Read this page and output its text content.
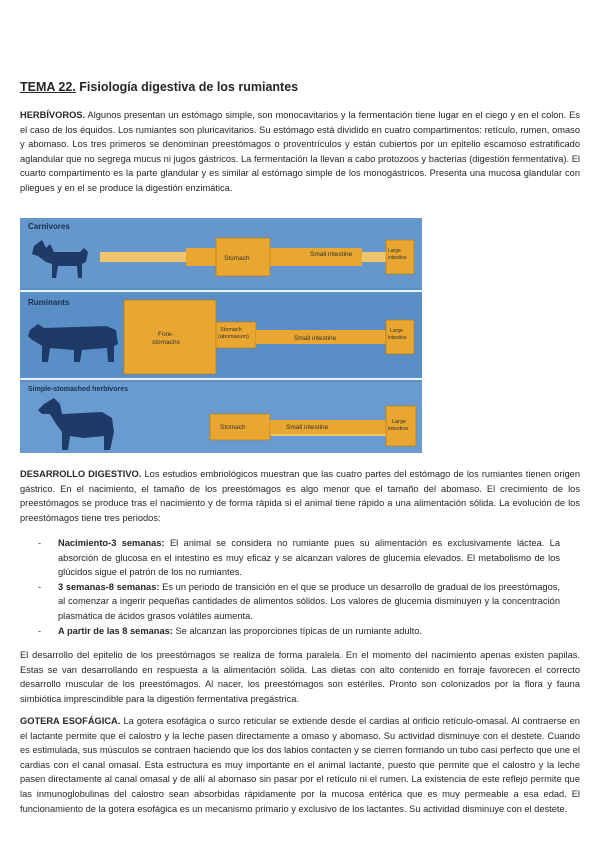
TEMA 22. Fisiología digestiva de los rumiantes

HERBÍVOROS. Algunos presentan un estómago simple, son monocavitarios y la fermentación tiene lugar en el ciego y en el colon. Es el caso de los équidos. Los rumiantes son pluricavitarios. Su estómago está dividido en cuatro compartimentos: retículo, rumen, omaso y abomaso. Los tres primeros se denominan preestómagos o proventrículos y están cubiertos por un epitelio escamoso estratificado aglandular que no segrega mucus ni jugos gástricos. La fermentación la llevan a cabo protozoos y bacterias (digestión fermentativa). El cuarto compartimento es la parte glandular y es similar al estómago simple de los monogástricos. Presenta una mucosa glandular con pliegues y en el se produce la digestión enzimática.

Carnivores
Stomach
Small intestine	Large intestine
Ruminants
Fore-stomachs
Stomach (abomasum)	Small intestine
Large intestine
Simple-stomached herbivores
Stomach	Small intestine
Large intestine

DESARROLLO DIGESTIVO. Los estudios embriológicos muestran que las cuatro partes del estómago de los rumiantes tienen origen gástrico. En el nacimiento, el tamaño de los preestómagos es algo menor que el tamaño del abomaso. El crecimiento de los preestómagos se produce tras el nacimiento y de forma rápida si el animal tiene rápido a una alimentación sólida. La evolución de los preestómagos tiene tres periodos:

- Nacimiento-3 semanas: El animal se considera no rumiante pues su alimentación es exclusivamente láctea. La absorción de glucosa en el intestino es muy eficaz y se alcanzan valores de glucemia elevados. El metabolismo de los glúcidos sigue el patrón de los no rumiantes.
- 3 semanas-8 semanas: Es un periodo de transición en el que se produce un desarrollo de gradual de los preestómagos, al comenzar a ingerir pequeñas cantidades de alimentos sólidos. Los valores de glucemia disminuyen y la concentración plasmática de ácidos grasos volátiles aumenta.
- A partir de las 8 semanas: Se alcanzan las proporciones típicas de un rumiante adulto.

El desarrollo del epitelio de los preestómagos se realiza de forma paralela. En el momento del nacimiento apenas existen papilas. Estas se van desarrollando en respuesta a la alimentación sólida. Las dietas con alto contenido en forraje favorecen el correcto desarrollo muscular de los preestómagos. Al nacer, los preestómagos son estériles. Pronto son colonizados por la flora y fauna simbiótica imprescindible para la digestión fermentativa pregástrica.

GOTERA ESOFÁGICA. La gotera esofágica o surco reticular se extiende desde el cardias al orificio retículo-omasal. Al contraerse en el lactante permite que el calostro y la leche pasen directamente a omaso y abomaso. Su actividad disminuye con el destete. Cuando es estimulada, sus músculos se contraen haciendo que los dos labios contacten y se cierren formando un tubo casi perfecto que une el cardias con el canal omasal. Esta estructura es muy importante en el animal lactante, puesto que permite que el calostro y la leche pasen directamente al canal omasal y de allí al abomaso sin pasar por el retículo ni el rumen. La existencia de este reflejo permite que las inmunoglobulinas del calostro sean absorbidas rápidamente por la mucosa entérica que es muy permeable a esa edad. El funcionamiento de la gotera esofágica es un mecanismo primario y exclusivo de los lactantes. Su actividad disminuye con el destete.
